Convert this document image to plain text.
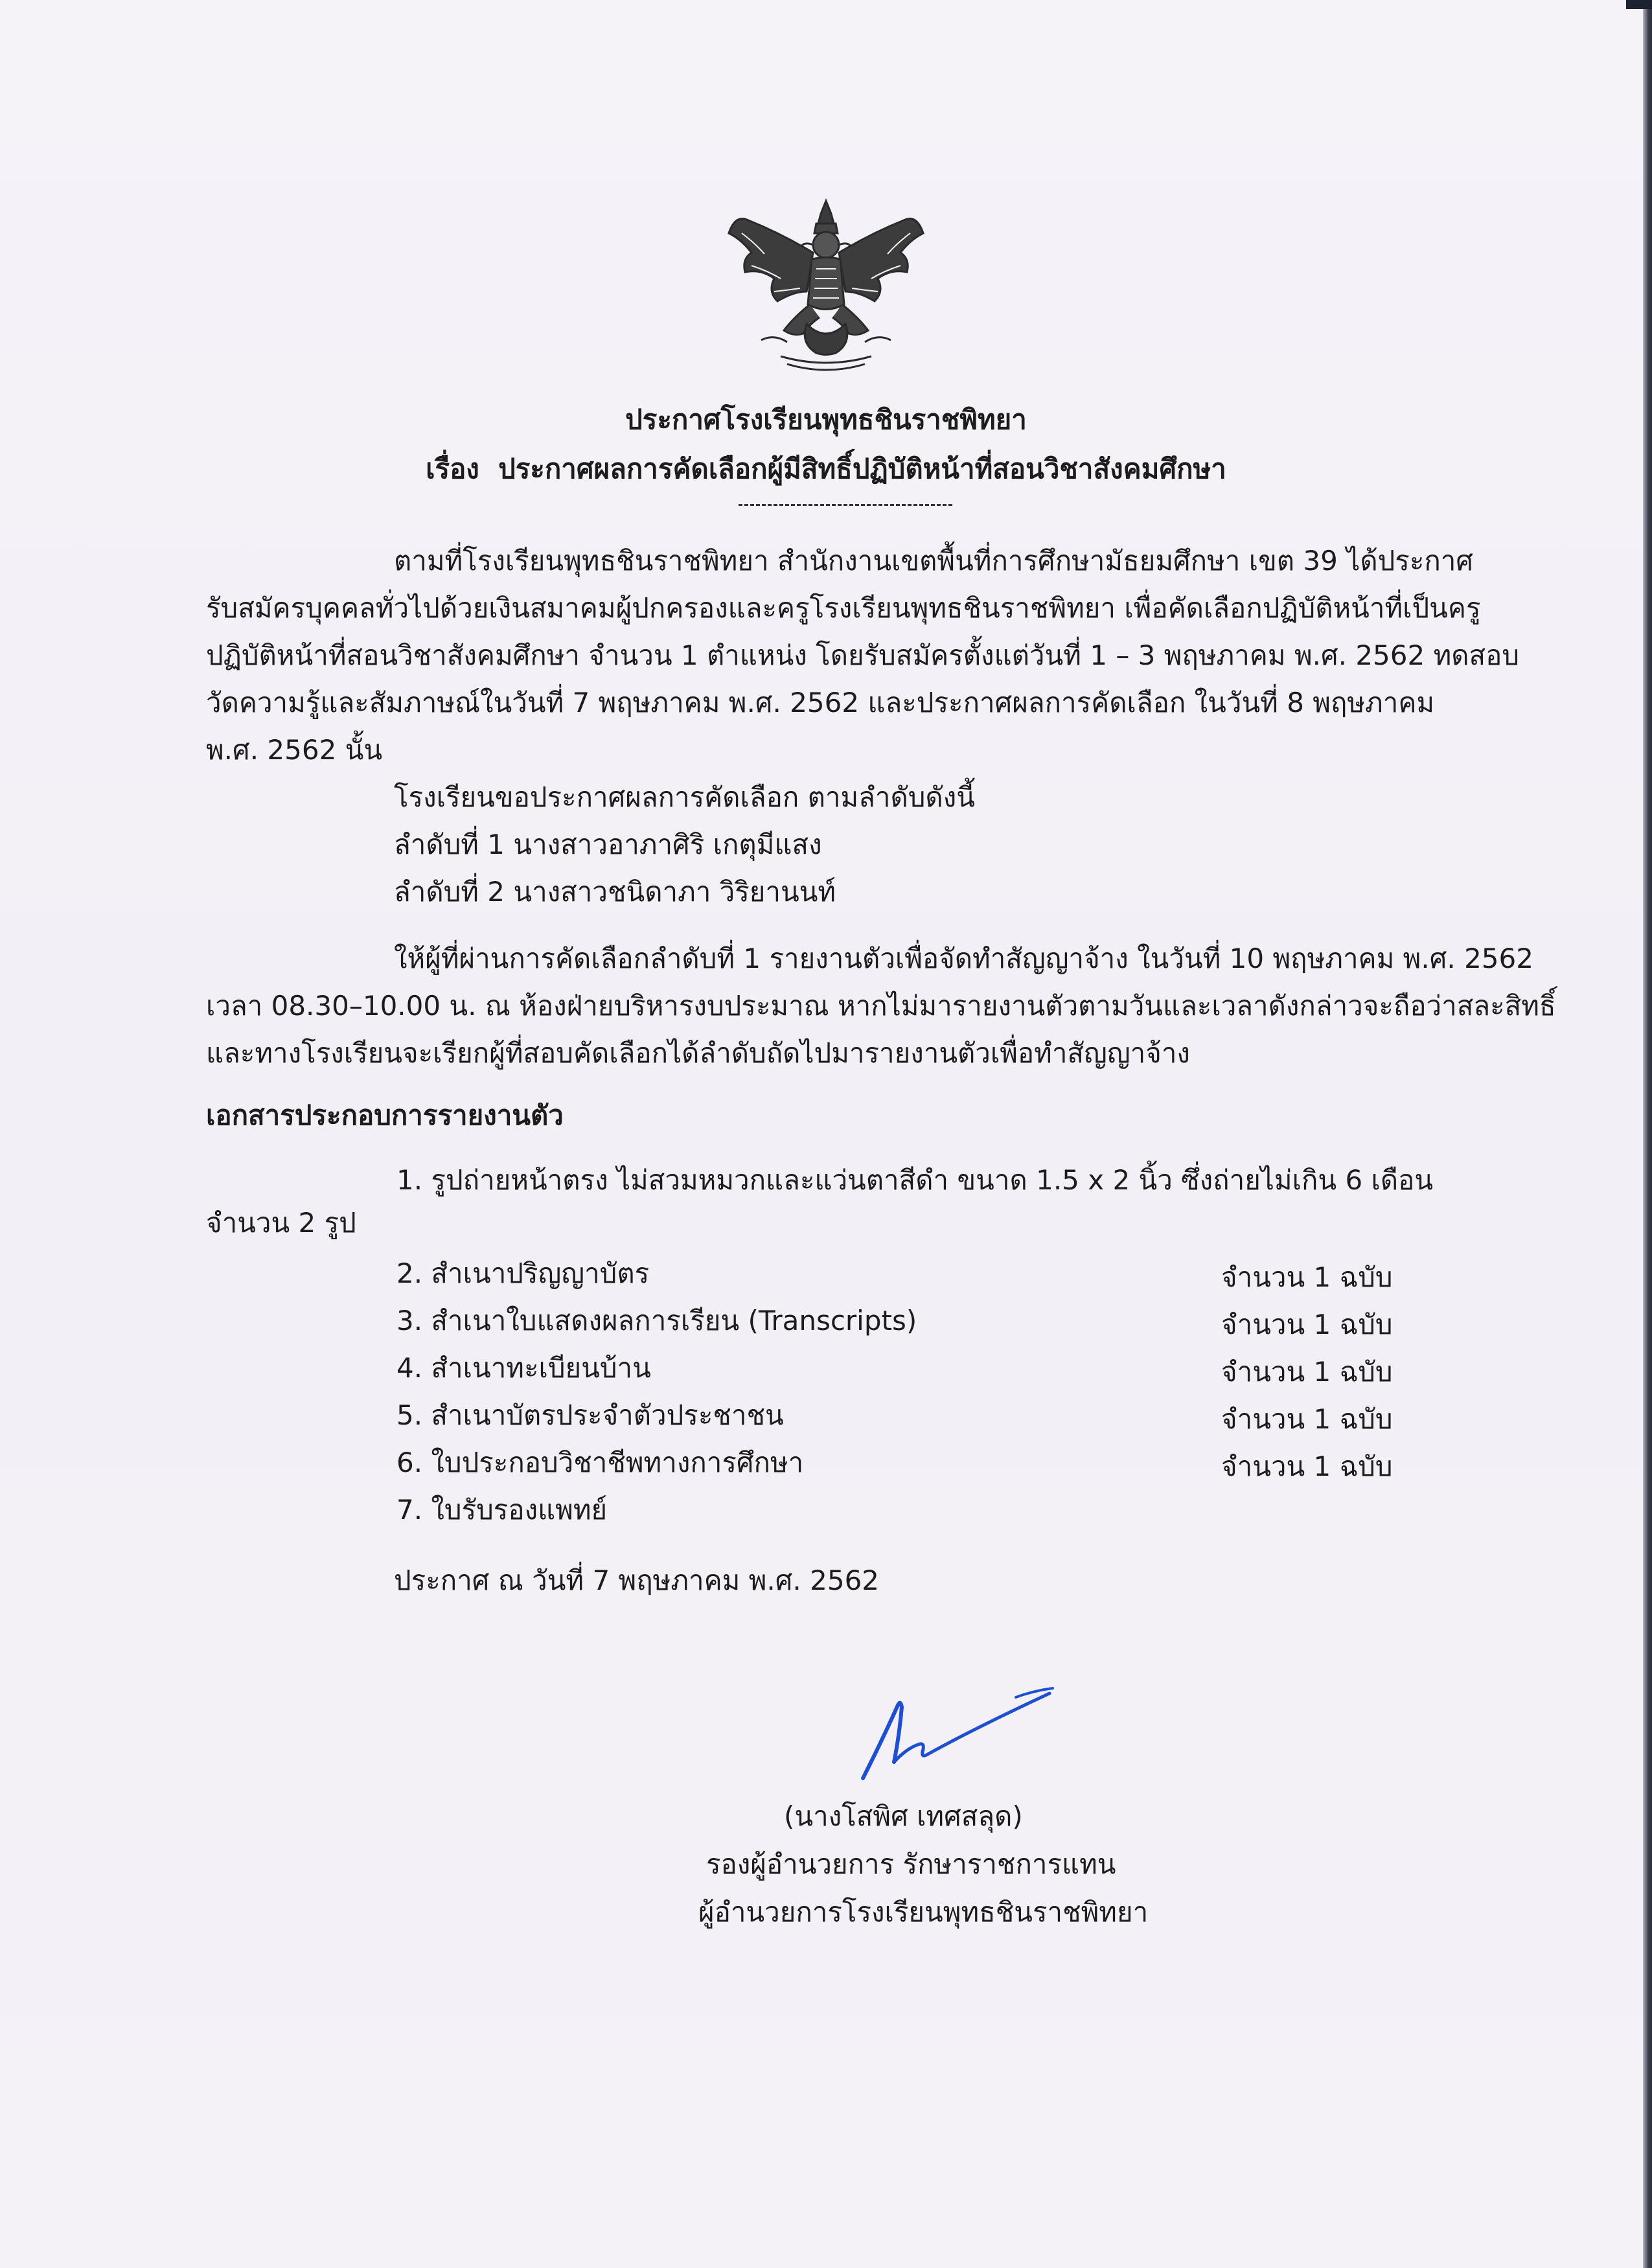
ประกาศโรงเรียนพุทธชินราชพิทยา
เรื่อง ประกาศผลการคัดเลือกผู้มีสิทธิ์ปฏิบัติหน้าที่สอนวิชาสังคมศึกษา
ตามที่โรงเรียนพุทธชินราชพิทยา สำนักงานเขตพื้นที่การศึกษามัธยมศึกษา เขต 39 ได้ประกาศ
รับสมัครบุคคลทั่วไปด้วยเงินสมาคมผู้ปกครองและครูโรงเรียนพุทธชินราชพิทยา เพื่อคัดเลือกปฏิบัติหน้าที่เป็นครู
ปฏิบัติหน้าที่สอนวิชาสังคมศึกษา จำนวน 1 ตำแหน่ง โดยรับสมัครตั้งแต่วันที่ 1 – 3 พฤษภาคม พ.ศ. 2562 ทดสอบ
วัดความรู้และสัมภาษณ์ในวันที่ 7 พฤษภาคม พ.ศ. 2562 และประกาศผลการคัดเลือก ในวันที่ 8 พฤษภาคม
พ.ศ. 2562 นั้น
โรงเรียนขอประกาศผลการคัดเลือก ตามลำดับดังนี้
ลำดับที่ 1 นางสาวอาภาศิริ เกตุมีแสง
ลำดับที่ 2 นางสาวชนิดาภา วิริยานนท์
ให้ผู้ที่ผ่านการคัดเลือกลำดับที่ 1 รายงานตัวเพื่อจัดทำสัญญาจ้าง ในวันที่ 10 พฤษภาคม พ.ศ. 2562
เวลา 08.30–10.00 น. ณ ห้องฝ่ายบริหารงบประมาณ หากไม่มารายงานตัวตามวันและเวลาดังกล่าวจะถือว่าสละสิทธิ์
และทางโรงเรียนจะเรียกผู้ที่สอบคัดเลือกได้ลำดับถัดไปมารายงานตัวเพื่อทำสัญญาจ้าง
เอกสารประกอบการรายงานตัว
1. รูปถ่ายหน้าตรง ไม่สวมหมวกและแว่นตาสีดำ ขนาด 1.5 x 2 นิ้ว ซึ่งถ่ายไม่เกิน 6 เดือน
จำนวน 2 รูป
2. สำเนาปริญญาบัตร	จำนวน 1 ฉบับ
3. สำเนาใบแสดงผลการเรียน (Transcripts)	จำนวน 1 ฉบับ
4. สำเนาทะเบียนบ้าน	จำนวน 1 ฉบับ
5. สำเนาบัตรประจำตัวประชาชน	จำนวน 1 ฉบับ
6. ใบประกอบวิชาชีพทางการศึกษา	จำนวน 1 ฉบับ
7. ใบรับรองแพทย์
ประกาศ ณ วันที่ 7 พฤษภาคม พ.ศ. 2562
(นางโสพิศ เทศสลุด)
รองผู้อำนวยการ รักษาราชการแทน
ผู้อำนวยการโรงเรียนพุทธชินราชพิทยา
